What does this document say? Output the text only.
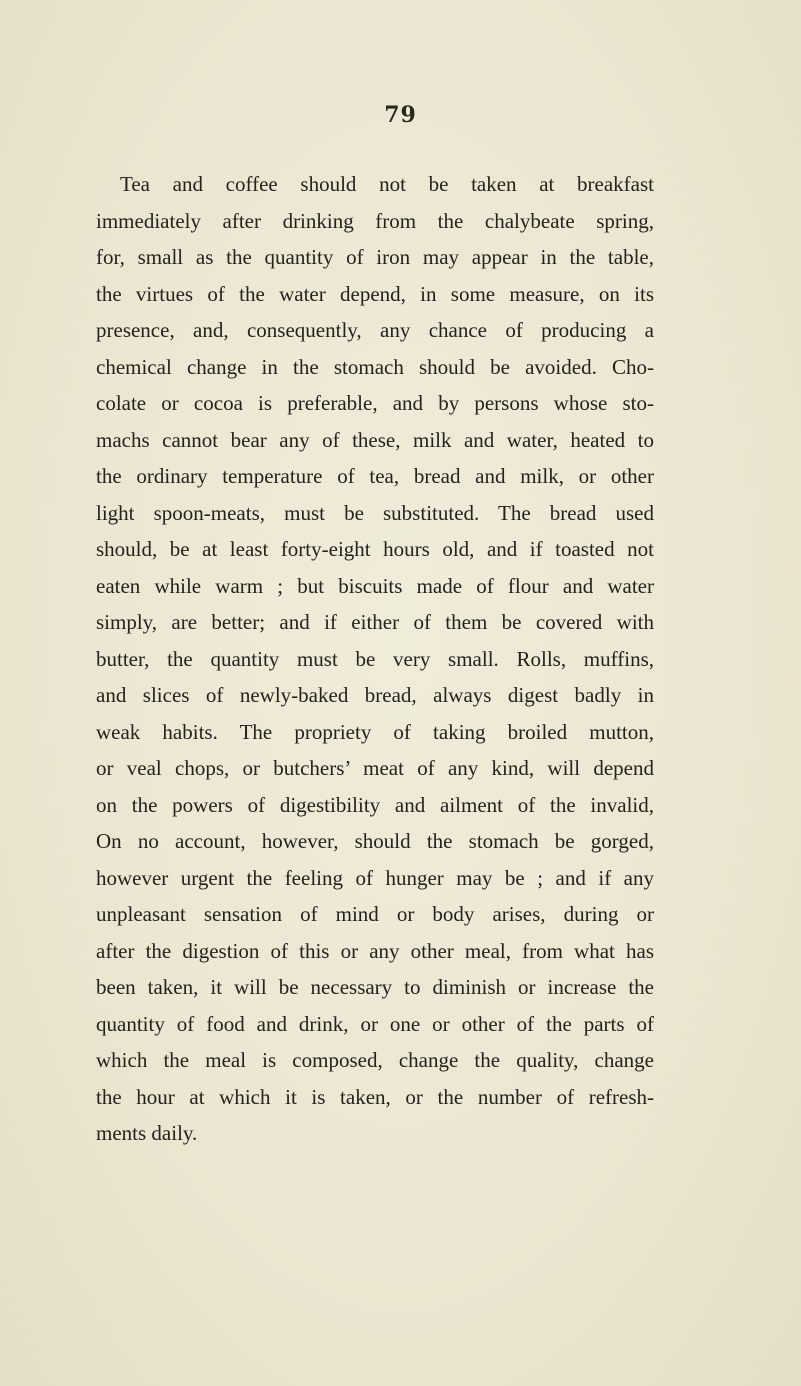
79
Tea and coffee should not be taken at breakfast
immediately after drinking from the chalybeate spring,
for, small as the quantity of iron may appear in the table,
the virtues of the water depend, in some measure, on its
presence, and, consequently, any chance of producing a
chemical change in the stomach should be avoided. Cho-
colate or cocoa is preferable, and by persons whose sto-
machs cannot bear any of these, milk and water, heated to
the ordinary temperature of tea, bread and milk, or other
light spoon-meats, must be substituted. The bread used
should, be at least forty-eight hours old, and if toasted not
eaten while warm ; but biscuits made of flour and water
simply, are better; and if either of them be covered with
butter, the quantity must be very small. Rolls, muffins,
and slices of newly-baked bread, always digest badly in
weak habits. The propriety of taking broiled mutton,
or veal chops, or butchers’ meat of any kind, will depend
on the powers of digestibility and ailment of the invalid,
On no account, however, should the stomach be gorged,
however urgent the feeling of hunger may be ; and if any
unpleasant sensation of mind or body arises, during or
after the digestion of this or any other meal, from what has
been taken, it will be necessary to diminish or increase the
quantity of food and drink, or one or other of the parts of
which the meal is composed, change the quality, change
the hour at which it is taken, or the number of refresh-
ments daily.
